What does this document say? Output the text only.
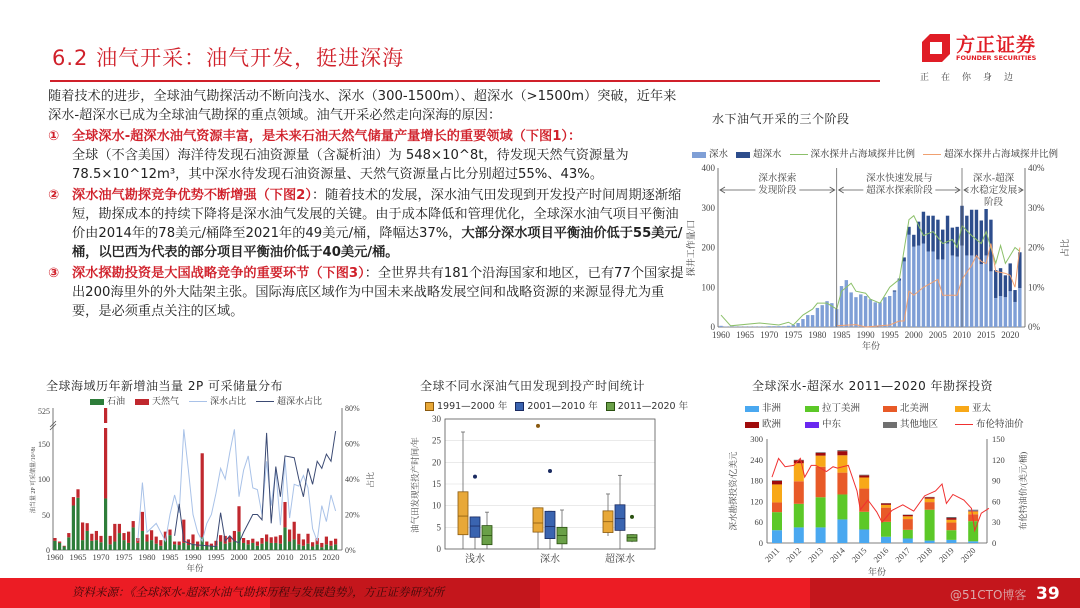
6.2 油气开采：油气开发，挺进深海
方正证券
FOUNDER SECURITIES
正在你身边
随着技术的进步，全球油气勘探活动不断向浅水、深水（300-1500m）、超深水（>1500m）突破，近年来深水-超深水已成为全球油气勘探的重点领域。油气开采必然走向深海的原因：
① 全球深水-超深水油气资源丰富，是未来石油天然气储量产量增长的重要领域（下图1）：
全球（不含美国）海洋待发现石油资源量（含凝析油）为 548×10^8t，待发现天然气资源量为 78.5×10^12m³，其中深水待发现石油资源量、天然气资源量占比分别超过55%、43%。
② 深水油气勘探竞争优势不断增强（下图2）：随着技术的发展，深水油气田发现到开发投产时间周期逐渐缩短，勘探成本的持续下降将是深水油气发展的关键。由于成本降低和管理优化，全球深水油气项目平衡油价由2014年的78美元/桶降至2021年的49美元/桶，降幅达37%，大部分深水项目平衡油价低于55美元/桶，以巴西为代表的部分项目平衡油价低于40美元/桶。
③ 深水探勘投资是大国战略竞争的重要环节（下图3）：全世界共有181个沿海国家和地区，已有77个国家提出200海里外的外大陆架主张。国际海底区域作为中国未来战略发展空间和战略资源的来源显得尤为重要，是必须重点关注的区域。
水下油气开采的三个阶段
深水	超深水	深水探井占海域探井比例	超深水探井占海域探井比例
深水探索
发现阶段
深水快速发展与
超深水探索阶段
深水-超深
水稳定发展
阶段
0
100
200
300
400
0%
10%
20%
30%
40%
1960 1965 1970 1975 1980 1985 1990 1995 2000 2005 2010 2015 2020
年份
探井工作量/口	占比
全球海域历年新增油当量 2P 可采储量分布
石油	天然气	深水占比	超深水占比
0
50
100
150
525
0%
20%
40%
60%
80%
1960 1965 1970 1975 1980 1985 1990 1995 2000 2005 2010 2015 2020
年份
油当量 2P 可采储量/10^8t	占比
全球不同水深油气田发现到投产时间统计
1991—2000 年	2001—2010 年	2011—2020 年
0
5
10
15
20
25
30
浅水	深水	超深水
油气田发现至投产时间/年
全球深水-超深水 2011—2020 年勘探投资
非洲	拉丁美洲	北美洲	亚太
欧洲	中东	其他地区	布伦特油价
2011 2012 2013 2014 2015 2016 2017 2018 2019 2020
0
60
120
180
240
300
0
30
60
90
120
150
年份
深水勘探投资/亿美元	布伦特油价/(美元/桶)
资料来源：《全球深水-超深水油气勘探历程与发展趋势》，方正证券研究所	@51CTO博客 39
